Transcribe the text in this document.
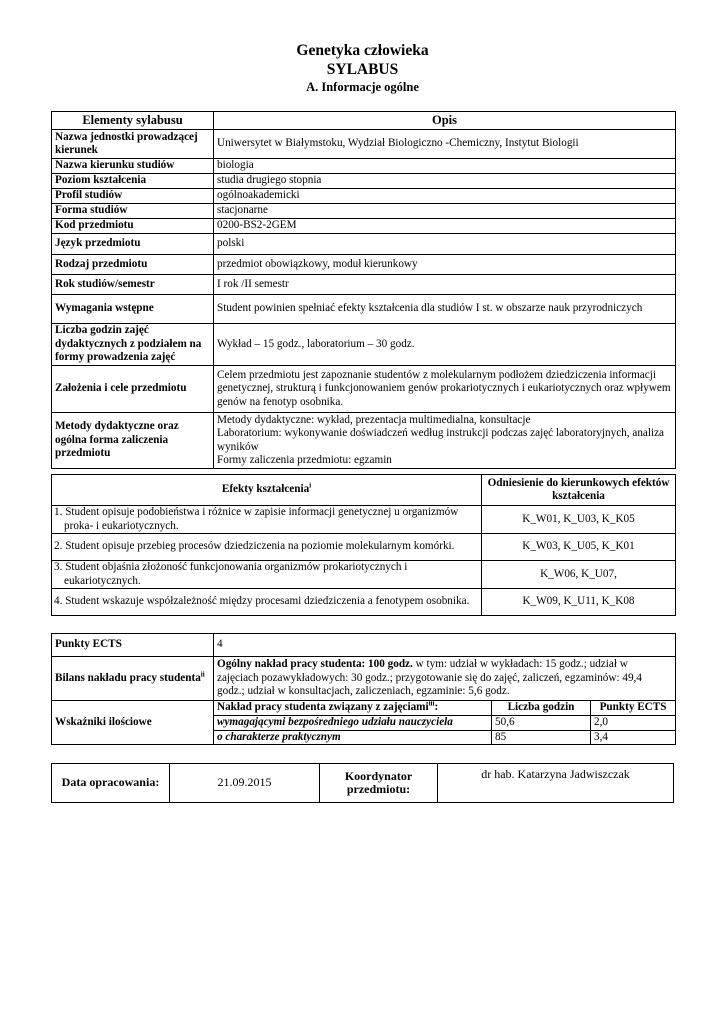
Genetyka człowieka
SYLABUS
A. Informacje ogólne
Elementy sylabusu	Opis
Nazwa jednostki prowadzącej kierunek	Uniwersytet w Białymstoku, Wydział Biologiczno -Chemiczny, Instytut Biologii
Nazwa kierunku studiów	biologia
Poziom kształcenia	studia drugiego stopnia
Profil studiów	ogólnoakademicki
Forma studiów	stacjonarne
Kod przedmiotu	0200-BS2-2GEM
Język przedmiotu	polski
Rodzaj przedmiotu	przedmiot obowiązkowy, moduł kierunkowy
Rok studiów/semestr	I rok /II semestr
Wymagania wstępne	Student powinien spełniać efekty kształcenia dla studiów I st. w obszarze nauk przyrodniczych
Liczba godzin zajęć dydaktycznych z podziałem na formy prowadzenia zajęć	Wykład – 15 godz., laboratorium – 30 godz.
Założenia i cele przedmiotu	Celem przedmiotu jest zapoznanie studentów z molekularnym podłożem dziedziczenia informacji genetycznej, strukturą i funkcjonowaniem genów prokariotycznych i eukariotycznych oraz wpływem genów na fenotyp osobnika.
Metody dydaktyczne oraz ogólna forma zaliczenia przedmiotu	Metody dydaktyczne: wykład, prezentacja multimedialna, konsultacje
Laboratorium: wykonywanie doświadczeń według instrukcji podczas zajęć laboratoryjnych, analiza wyników
Formy zaliczenia przedmiotu: egzamin
Efekty kształcenia$^i$	Odniesienie do kierunkowych efektów kształcenia
1. Student opisuje podobieństwa i różnice w zapisie informacji genetycznej u organizmów proka- i eukariotycznych.	K_W01, K_U03, K_K05
2. Student opisuje przebieg procesów dziedziczenia na poziomie molekularnym komórki.	K_W03, K_U05, K_K01
3. Student objaśnia złożoność funkcjonowania organizmów prokariotycznych i eukariotycznych.	K_W06, K_U07,
4. Student wskazuje współzależność między procesami dziedziczenia a fenotypem osobnika.	K_W09, K_U11, K_K08
Punkty ECTS	4		
Bilans nakładu pracy studenta$^{ii}$	Ogólny nakład pracy studenta: 100 godz. w tym: udział w wykładach: 15 godz.; udział w zajęciach pozawykładowych: 30 godz.; przygotowanie się do zajęć, zaliczeń, egzaminów: 49,4 godz.; udział w konsultacjach, zaliczeniach, egzaminie: 5,6 godz.		
Wskaźniki ilościowe	Nakład pracy studenta związany z zajęciami$^{iii}$:	Liczba godzin	Punkty ECTS
	wymagającymi bezpośredniego udziału nauczyciela	50,6	2,0
	o charakterze praktycznym	85	3,4
Data opracowania:	21.09.2015	Koordynator przedmiotu:	dr hab. Katarzyna Jadwiszczak
